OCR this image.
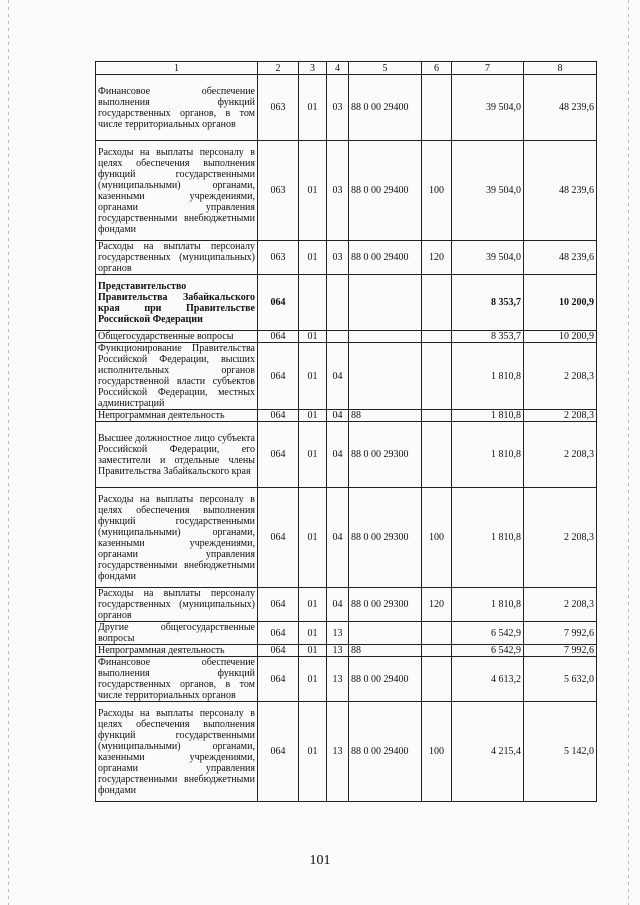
1	2	3	4	5	6	7	8
Финансовое обеспечение выполнения функций государственных органов, в том числе территориальных органов	063	01	03	88 0 00 29400		39 504,0	48 239,6
Расходы на выплаты персоналу в целях обеспечения выполнения функций государственными (муниципальными) органами, казенными учреждениями, органами управления государственными внебюджетными фондами	063	01	03	88 0 00 29400	100	39 504,0	48 239,6
Расходы на выплаты персоналу государственных (муниципальных) органов	063	01	03	88 0 00 29400	120	39 504,0	48 239,6
Представительство Правительства Забайкальского края при Правительстве Российской Федерации	064					8 353,7	10 200,9
Общегосударственные вопросы	064	01				8 353,7	10 200,9
Функционирование Правительства Российской Федерации, высших исполнительных органов государственной власти субъектов Российской Федерации, местных администраций	064	01	04			1 810,8	2 208,3
Непрограммная деятельность	064	01	04	88		1 810,8	2 208,3
Высшее должностное лицо субъекта Российской Федерации, его заместители и отдельные члены Правительства Забайкальского края	064	01	04	88 0 00 29300		1 810,8	2 208,3
Расходы на выплаты персоналу в целях обеспечения выполнения функций государственными (муниципальными) органами, казенными учреждениями, органами управления государственными внебюджетными фондами	064	01	04	88 0 00 29300	100	1 810,8	2 208,3
Расходы на выплаты персоналу государственных (муниципальных) органов	064	01	04	88 0 00 29300	120	1 810,8	2 208,3
Другие общегосударственные вопросы	064	01	13			6 542,9	7 992,6
Непрограммная деятельность	064	01	13	88		6 542,9	7 992,6
Финансовое обеспечение выполнения функций государственных органов, в том числе территориальных органов	064	01	13	88 0 00 29400		4 613,2	5 632,0
Расходы на выплаты персоналу в целях обеспечения выполнения функций государственными (муниципальными) органами, казенными учреждениями, органами управления государственными внебюджетными фондами	064	01	13	88 0 00 29400	100	4 215,4	5 142,0
101
